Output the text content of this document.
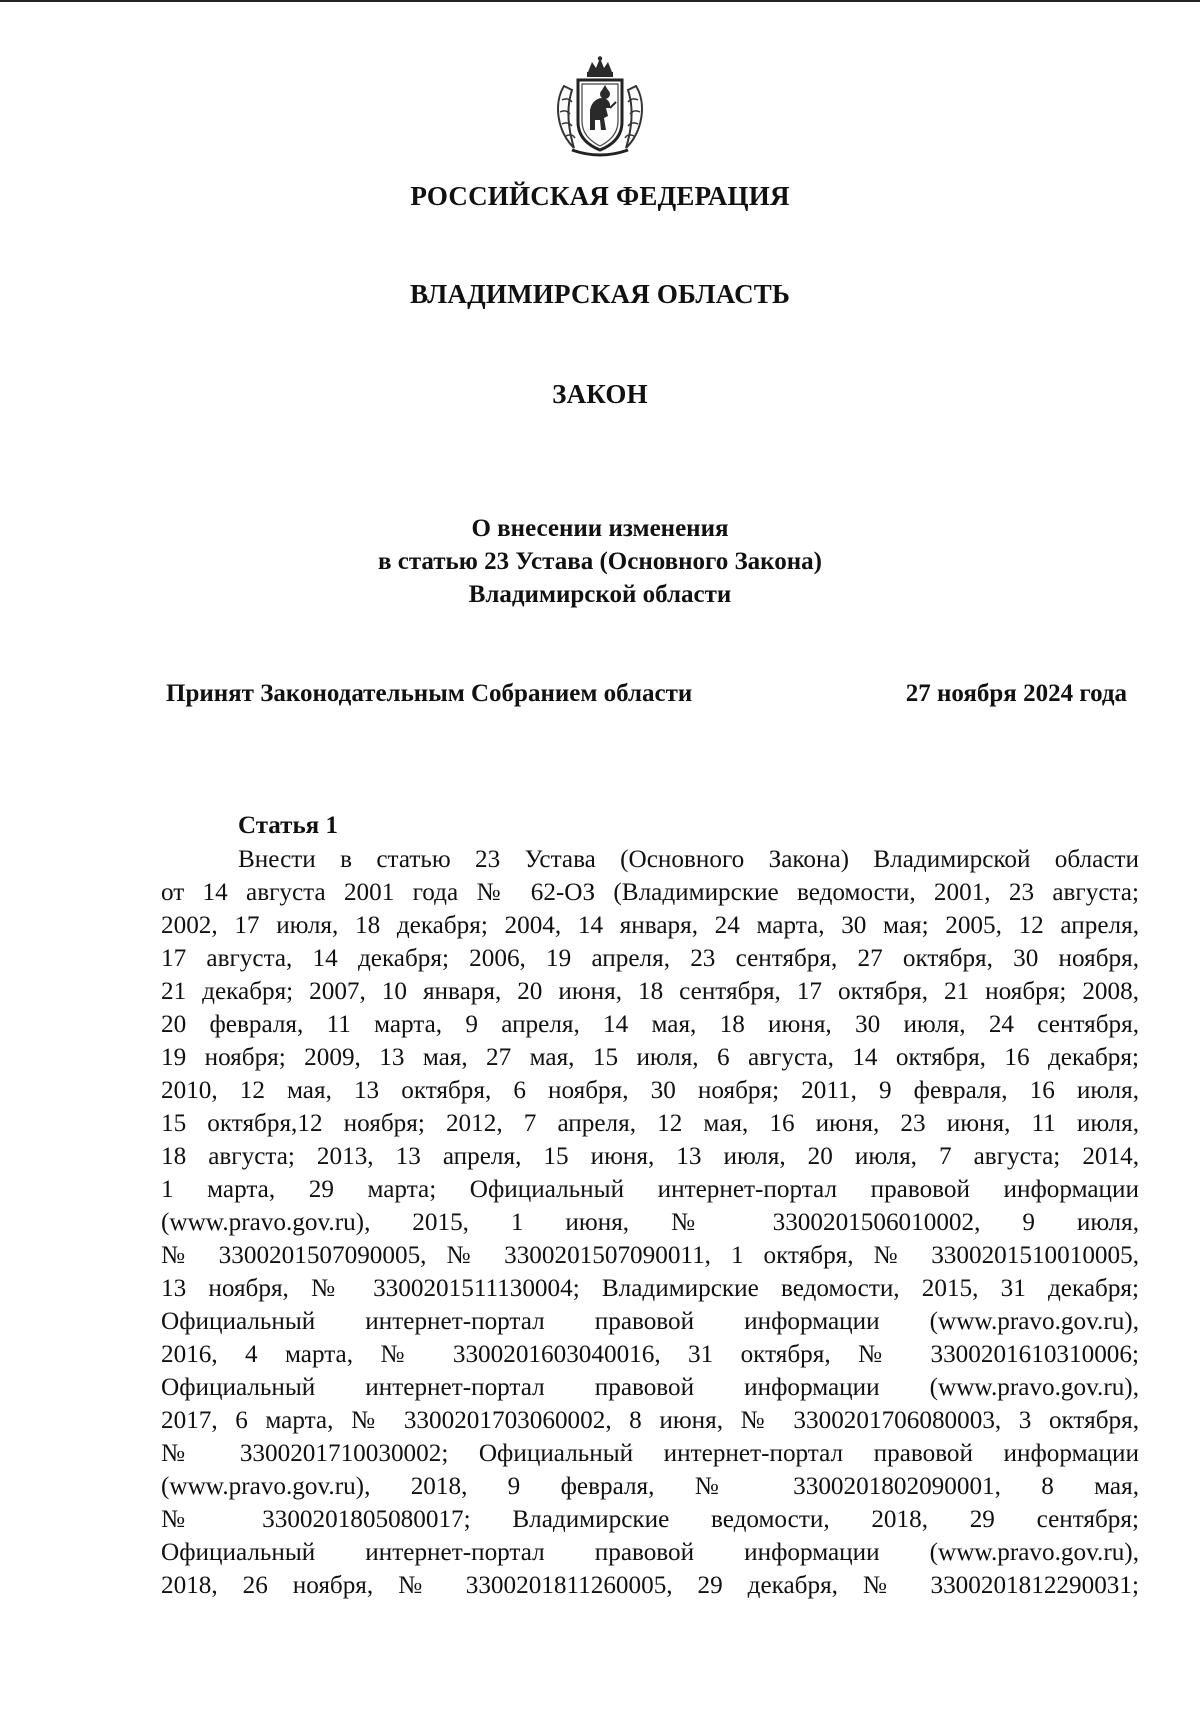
РОССИЙСКАЯ ФЕДЕРАЦИЯ
ВЛАДИМИРСКАЯ ОБЛАСТЬ
ЗАКОН
О внесении изменения
в статью 23 Устава (Основного Закона)
Владимирской области
Принят Законодательным Собранием области	27 ноября 2024 года
Статья 1
Внести в статью 23 Устава (Основного Закона) Владимирской области
от 14 августа 2001 года № 62-ОЗ (Владимирские ведомости, 2001, 23 августа;
2002, 17 июля, 18 декабря; 2004, 14 января, 24 марта, 30 мая; 2005, 12 апреля,
17 августа, 14 декабря; 2006, 19 апреля, 23 сентября, 27 октября, 30 ноября,
21 декабря; 2007, 10 января, 20 июня, 18 сентября, 17 октября, 21 ноября; 2008,
20 февраля, 11 марта, 9 апреля, 14 мая, 18 июня, 30 июля, 24 сентября,
19 ноября; 2009, 13 мая, 27 мая, 15 июля, 6 августа, 14 октября, 16 декабря;
2010, 12 мая, 13 октября, 6 ноября, 30 ноября; 2011, 9 февраля, 16 июля,
15 октября,12 ноября; 2012, 7 апреля, 12 мая, 16 июня, 23 июня, 11 июля,
18 августа; 2013, 13 апреля, 15 июня, 13 июля, 20 июля, 7 августа; 2014,
1 марта, 29 марта; Официальный интернет-портал правовой информации
(www.pravo.gov.ru), 2015, 1 июня, № 3300201506010002, 9 июля,
№ 3300201507090005, № 3300201507090011, 1 октября, № 3300201510010005,
13 ноября, № 3300201511130004; Владимирские ведомости, 2015, 31 декабря;
Официальный интернет-портал правовой информации (www.pravo.gov.ru),
2016, 4 марта, № 3300201603040016, 31 октября, № 3300201610310006;
Официальный интернет-портал правовой информации (www.pravo.gov.ru),
2017, 6 марта, № 3300201703060002, 8 июня, № 3300201706080003, 3 октября,
№ 3300201710030002; Официальный интернет-портал правовой информации
(www.pravo.gov.ru), 2018, 9 февраля, № 3300201802090001, 8 мая,
№ 3300201805080017; Владимирские ведомости, 2018, 29 сентября;
Официальный интернет-портал правовой информации (www.pravo.gov.ru),
2018, 26 ноября, № 3300201811260005, 29 декабря, № 3300201812290031;
